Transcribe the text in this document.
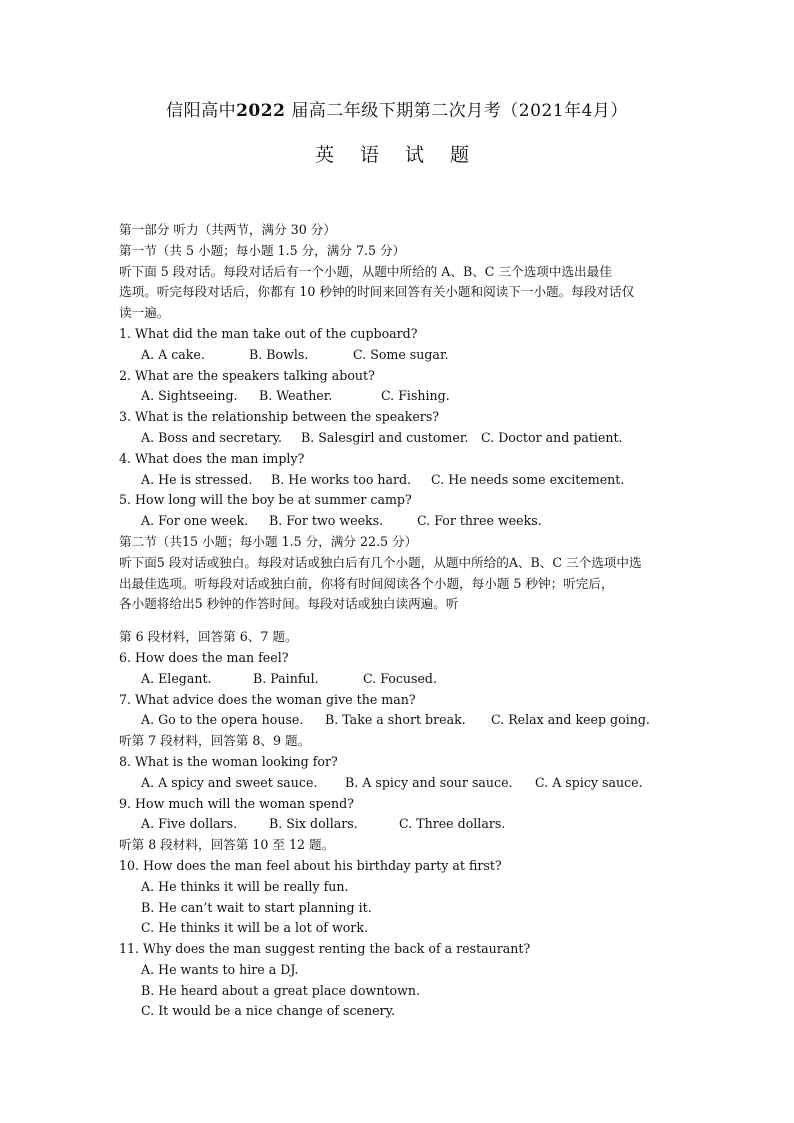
信阳高中2022 届高二年级下期第二次月考（2021年4月）
英 语 试 题

第一部分 听力（共两节，满分 30 分）

第一节（共 5 小题；每小题 1.5 分，满分 7.5 分）

听下面 5 段对话。每段对话后有一个小题，从题中所给的 A、B、C 三个选项中选出最佳

选项。听完每段对话后，你都有 10 秒钟的时间来回答有关小题和阅读下一小题。每段对话仅

读一遍。

1. What did the man take out of the cupboard?

A. A cake.	B. Bowls.	C. Some sugar.

2. What are the speakers talking about?

A. Sightseeing.	B. Weather.	C. Fishing.

3. What is the relationship between the speakers?

A. Boss and secretary.	B. Salesgirl and customer. C. Doctor and patient.

4. What does the man imply?

A. He is stressed.	B. He works too hard.	C. He needs some excitement.

5. How long will the boy be at summer camp?

A. For one week.	B. For two weeks.	C. For three weeks.

第二节（共15 小题；每小题 1.5 分，满分 22.5 分）

听下面5 段对话或独白。每段对话或独白后有几个小题，从题中所给的A、B、C 三个选项中选

出最佳选项。听每段对话或独白前，你将有时间阅读各个小题，每小题 5 秒钟；听完后，

各小题将给出5 秒钟的作答时间。每段对话或独白读两遍。听

第 6 段材料，回答第 6、7 题。

6. How does the man feel?

A. Elegant.	B. Painful.	C. Focused.

7. What advice does the woman give the man?

A. Go to the opera house.	B. Take a short break.	C. Relax and keep going.

听第 7 段材料，回答第 8、9 题。

8. What is the woman looking for?

A. A spicy and sweet sauce.	B. A spicy and sour sauce.	C. A spicy sauce.

9. How much will the woman spend?

A. Five dollars.	B. Six dollars.	C. Three dollars.

听第 8 段材料，回答第 10 至 12 题。

10. How does the man feel about his birthday party at first?

A. He thinks it will be really fun.

B. He can’t wait to start planning it.

C. He thinks it will be a lot of work.

11. Why does the man suggest renting the back of a restaurant?

A. He wants to hire a DJ.

B. He heard about a great place downtown.

C. It would be a nice change of scenery.
